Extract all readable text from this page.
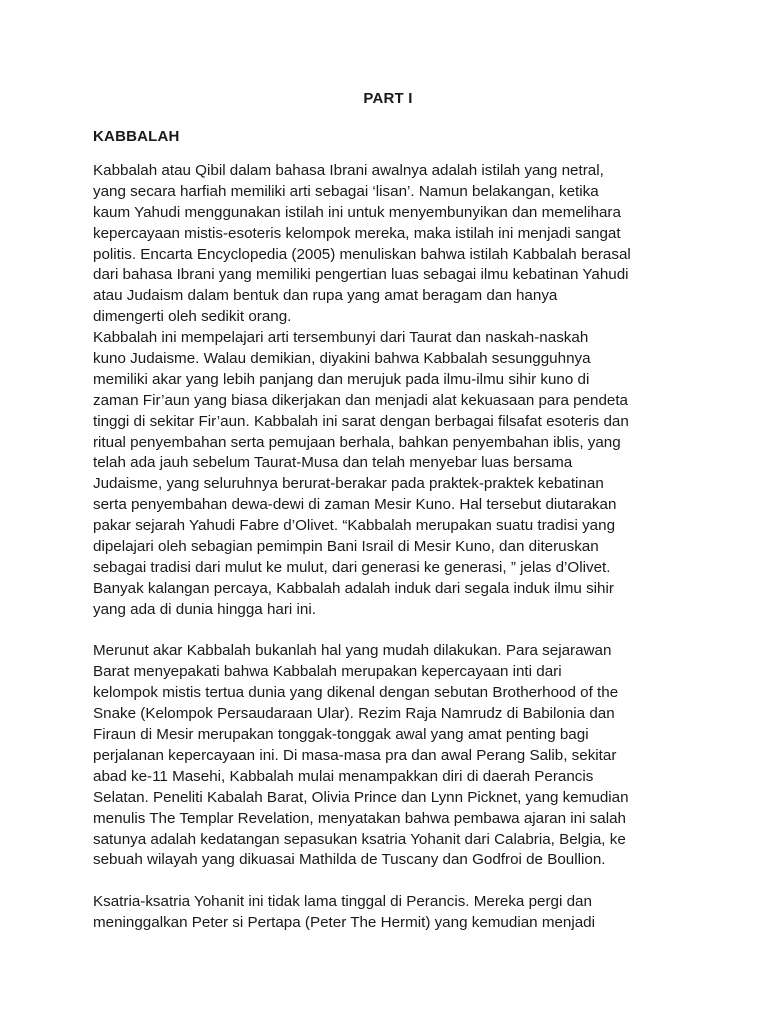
PART I
KABBALAH
Kabbalah atau Qibil dalam bahasa Ibrani awalnya adalah istilah yang netral,
yang secara harfiah memiliki arti sebagai ‘lisan’. Namun belakangan, ketika
kaum Yahudi menggunakan istilah ini untuk menyembunyikan dan memelihara
kepercayaan mistis-esoteris kelompok mereka, maka istilah ini menjadi sangat
politis. Encarta Encyclopedia (2005) menuliskan bahwa istilah Kabbalah berasal
dari bahasa Ibrani yang memiliki pengertian luas sebagai ilmu kebatinan Yahudi
atau Judaism dalam bentuk dan rupa yang amat beragam dan hanya
dimengerti oleh sedikit orang.
Kabbalah ini mempelajari arti tersembunyi dari Taurat dan naskah-naskah
kuno Judaisme. Walau demikian, diyakini bahwa Kabbalah sesungguhnya
memiliki akar yang lebih panjang dan merujuk pada ilmu-ilmu sihir kuno di
zaman Fir’aun yang biasa dikerjakan dan menjadi alat kekuasaan para pendeta
tinggi di sekitar Fir’aun. Kabbalah ini sarat dengan berbagai filsafat esoteris dan
ritual penyembahan serta pemujaan berhala, bahkan penyembahan iblis, yang
telah ada jauh sebelum Taurat-Musa dan telah menyebar luas bersama
Judaisme, yang seluruhnya berurat-berakar pada praktek-praktek kebatinan
serta penyembahan dewa-dewi di zaman Mesir Kuno. Hal tersebut diutarakan
pakar sejarah Yahudi Fabre d’Olivet. “Kabbalah merupakan suatu tradisi yang
dipelajari oleh sebagian pemimpin Bani Israil di Mesir Kuno, dan diteruskan
sebagai tradisi dari mulut ke mulut, dari generasi ke generasi, ” jelas d’Olivet.
Banyak kalangan percaya, Kabbalah adalah induk dari segala induk ilmu sihir
yang ada di dunia hingga hari ini.
Merunut akar Kabbalah bukanlah hal yang mudah dilakukan. Para sejarawan
Barat menyepakati bahwa Kabbalah merupakan kepercayaan inti dari
kelompok mistis tertua dunia yang dikenal dengan sebutan Brotherhood of the
Snake (Kelompok Persaudaraan Ular). Rezim Raja Namrudz di Babilonia dan
Firaun di Mesir merupakan tonggak-tonggak awal yang amat penting bagi
perjalanan kepercayaan ini. Di masa-masa pra dan awal Perang Salib, sekitar
abad ke-11 Masehi, Kabbalah mulai menampakkan diri di daerah Perancis
Selatan. Peneliti Kabalah Barat, Olivia Prince dan Lynn Picknet, yang kemudian
menulis The Templar Revelation, menyatakan bahwa pembawa ajaran ini salah
satunya adalah kedatangan sepasukan ksatria Yohanit dari Calabria, Belgia, ke
sebuah wilayah yang dikuasai Mathilda de Tuscany dan Godfroi de Boullion.
Ksatria-ksatria Yohanit ini tidak lama tinggal di Perancis. Mereka pergi dan
meninggalkan Peter si Pertapa (Peter The Hermit) yang kemudian menjadi
